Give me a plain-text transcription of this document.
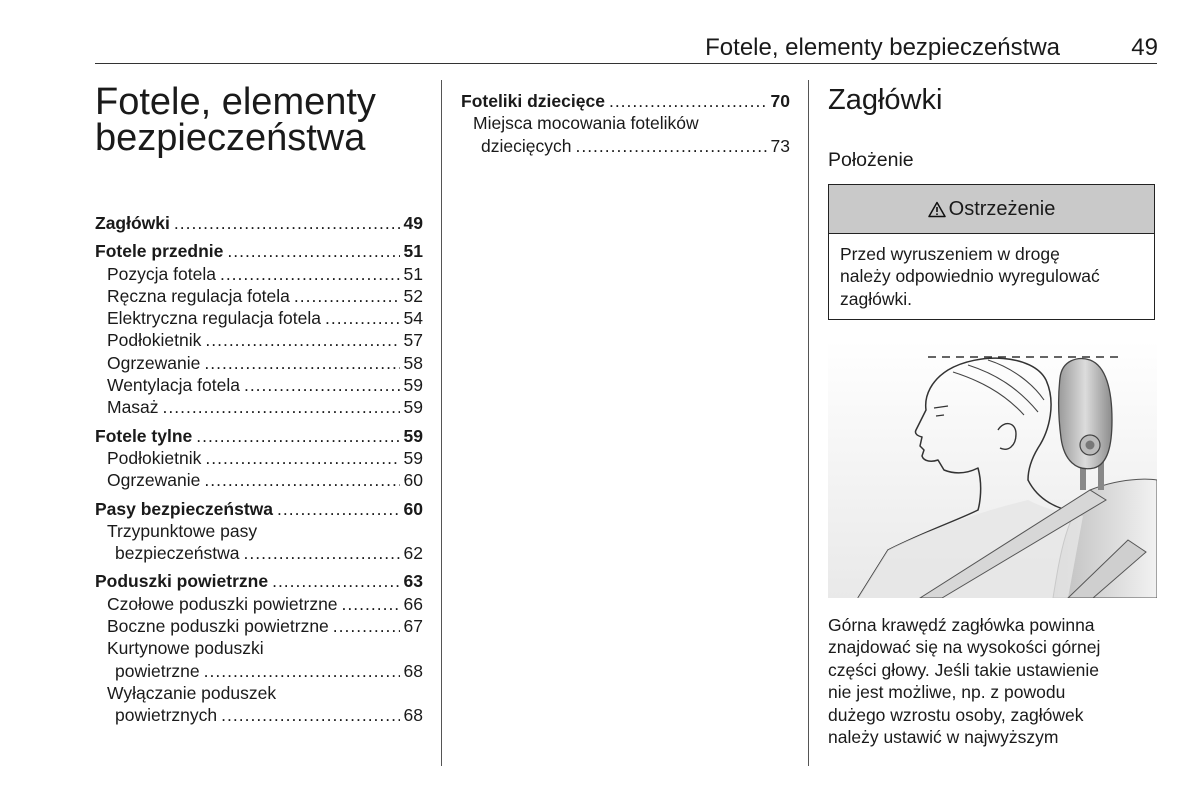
Fotele, elementy bezpieczeństwa	49
Fotele, elementy
bezpieczeństwa
Zagłówki .....	49
Fotele przednie .....	51
Pozycja fotela .....	51
Ręczna regulacja fotela .....	52
Elektryczna regulacja fotela .....	54
Podłokietnik .....	57
Ogrzewanie .....	58
Wentylacja fotela .....	59
Masaż .....	59
Fotele tylne .....	59
Podłokietnik .....	59
Ogrzewanie .....	60
Pasy bezpieczeństwa .....	60
Trzypunktowe pasy
bezpieczeństwa .....	62
Poduszki powietrzne .....	63
Czołowe poduszki powietrzne .....	66
Boczne poduszki powietrzne .....	67
Kurtynowe poduszki
powietrzne .....	68
Wyłączanie poduszek
powietrznych .....	68
Foteliki dziecięce .....	70
Miejsca mocowania fotelików
dziecięcych .....	73
Zagłówki
Położenie
Ostrzeżenie
Przed wyruszeniem w drogę
należy odpowiednio wyregulować
zagłówki.
Górna krawędź zagłówka powinna
znajdować się na wysokości górnej
części głowy. Jeśli takie ustawienie
nie jest możliwe, np. z powodu
dużego wzrostu osoby, zagłówek
należy ustawić w najwyższym
